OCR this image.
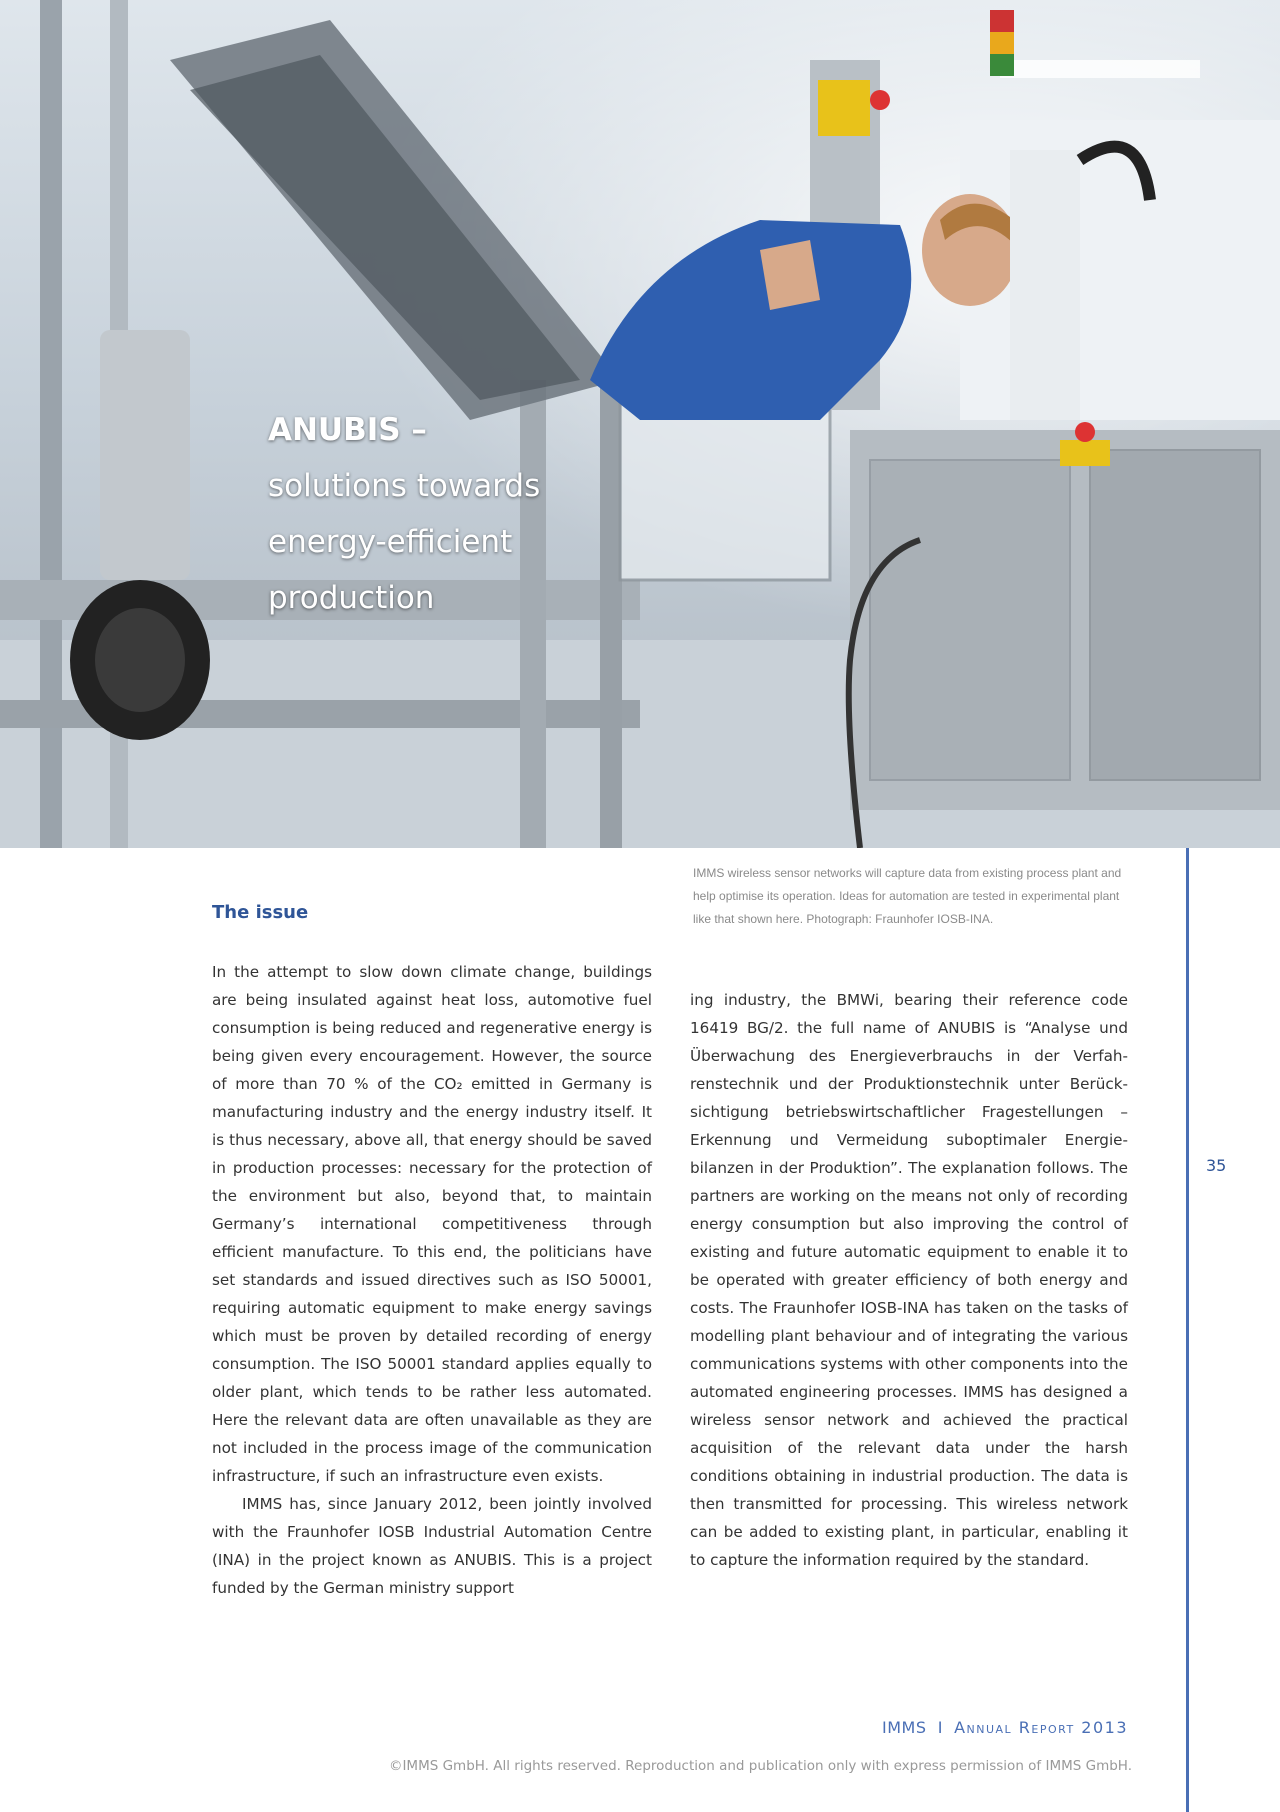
ANUBIS –
solutions towards
energy-efficient
production
35
IMMS wireless sensor networks will capture data from existing process plant and help optimise its operation. Ideas for automation are tested in experimental plant like that shown here. Photograph: Fraunhofer IOSB-INA.
The issue

In the attempt to slow down climate change, buildings are being insulated against heat loss, automotive fuel consumption is being reduced and regenerative energy is being given every encouragement. However, the source of more than 70 % of the CO₂ emitted in Germany is manufacturing industry and the energy industry itself. It is thus necessary, above all, that energy should be saved in production processes: necessary for the protection of the environment but also, beyond that, to maintain Germany’s international competitiveness through efficient manufacture. To this end, the politicians have set standards and issued directives such as ISO 50001, requiring automatic equipment to make energy savings which must be proven by detailed recording of energy consumption. The ISO 50001 standard applies equally to older plant, which tends to be rather less automated. Here the relevant data are often unavailable as they are not included in the process image of the communication infrastructure, if such an infrastructure even exists.

IMMS has, since January 2012, been jointly involved with the Fraunhofer IOSB Industrial Automation Centre (INA) in the project known as ANUBIS. This is a project funded by the German ministry support

ing industry, the BMWi, bearing their reference code 16419 BG/2. the full name of ANUBIS is “Analyse und Überwachung des Energieverbrauchs in der Verfahrenstechnik und der Produktionstechnik unter Berücksichtigung betriebswirtschaftlicher Fragestellungen – Erkennung und Vermeidung suboptimaler Energiebilanzen in der Produktion”. The explanation follows. The partners are working on the means not only of recording energy consumption but also improving the control of existing and future automatic equipment to enable it to be operated with greater efficiency of both energy and costs. The Fraunhofer IOSB-INA has taken on the tasks of modelling plant behaviour and of integrating the various communications systems with other components into the automated engineering processes. IMMS has designed a wireless sensor network and achieved the practical acquisition of the relevant data under the harsh conditions obtaining in industrial production. The data is then transmitted for processing. This wireless network can be added to existing plant, in particular, enabling it to capture the information required by the standard.

IMMS I Annual Report 2013
©IMMS GmbH. All rights reserved. Reproduction and publication only with express permission of IMMS GmbH.
